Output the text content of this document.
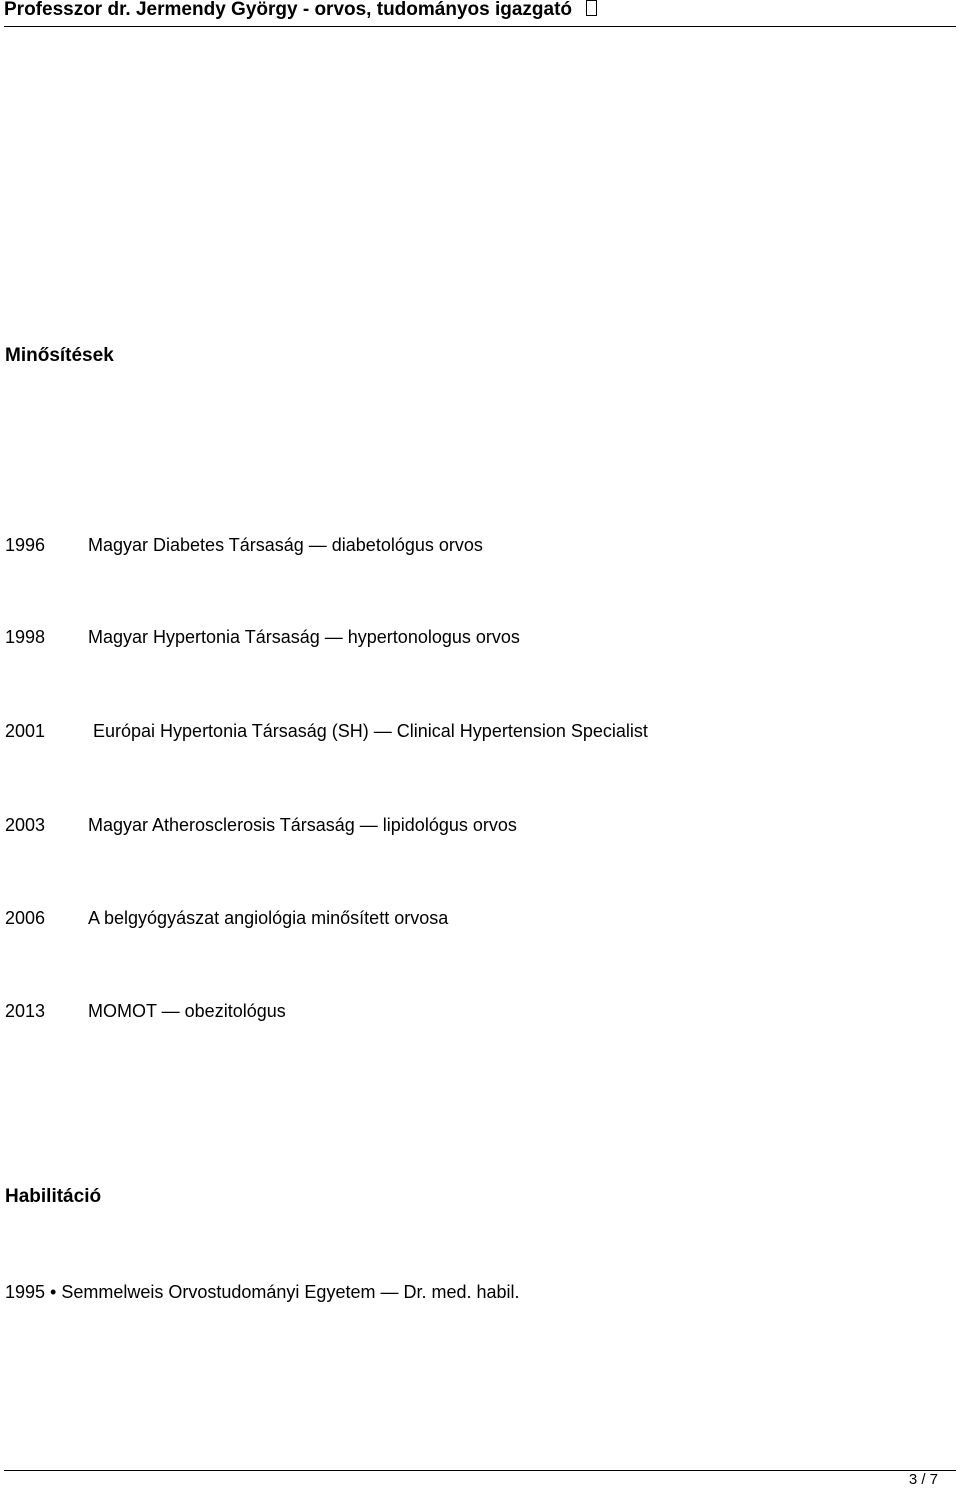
Professzor dr. Jermendy György - orvos, tudományos igazgató
Minősítések
1996 Magyar Diabetes Társaság — diabetológus orvos
1998 Magyar Hypertonia Társaság — hypertonologus orvos
2001	Európai Hypertonia Társaság (SH) — Clinical Hypertension Specialist
2003 Magyar Atherosclerosis Társaság — lipidológus orvos
2006 A belgyógyászat angiológia minősített orvosa
2013 MOMOT — obezitológus
Habilitáció
1995 • Semmelweis Orvostudományi Egyetem — Dr. med. habil.
3 / 7
